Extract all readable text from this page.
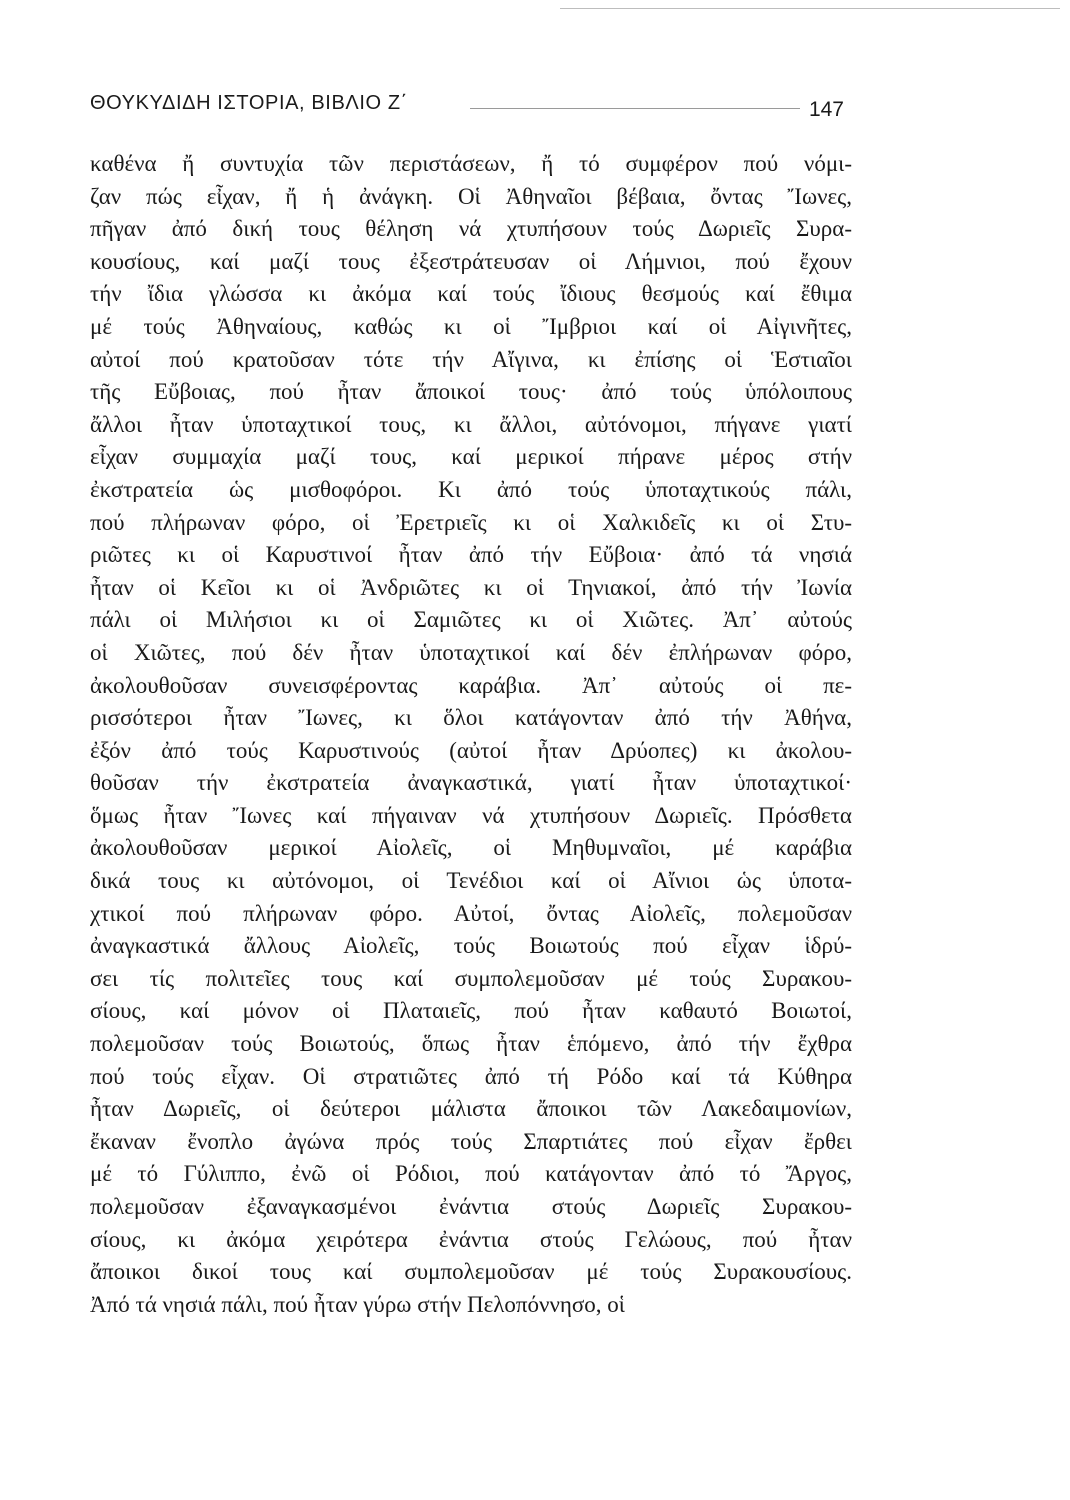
ΘΟΥΚΥΔΙΔΗ ΙΣΤΟΡΙΑ, ΒΙΒΛΙΟ Ζ΄	147
καθένα ἤ συντυχία τῶν περιστάσεων, ἤ τό συμφέρον πού νόμι-
ζαν πώς εἶχαν, ἤ ἡ ἀνάγκη. Οἱ Ἀθηναῖοι βέβαια, ὄντας Ἴωνες,
πῆγαν ἀπό δική τους θέληση νά χτυπήσουν τούς Δωριεῖς Συρα-
κουσίους, καί μαζί τους ἐξεστράτευσαν οἱ Λήμνιοι, πού ἔχουν
τήν ἴδια γλώσσα κι ἀκόμα καί τούς ἴδιους θεσμούς καί ἔθιμα
μέ τούς Ἀθηναίους, καθώς κι οἱ Ἴμβριοι καί οἱ Αἰγινῆτες,
αὐτοί πού κρατοῦσαν τότε τήν Αἴγινα, κι ἐπίσης οἱ Ἑστιαῖοι
τῆς Εὔβοιας, πού ἦταν ἄποικοί τους· ἀπό τούς ὑπόλοιπους
ἄλλοι ἦταν ὑποταχτικοί τους, κι ἄλλοι, αὐτόνομοι, πήγανε γιατί
εἶχαν συμμαχία μαζί τους, καί μερικοί πήρανε μέρος στήν
ἐκστρατεία ὡς μισθοφόροι. Κι ἀπό τούς ὑποταχτικούς πάλι,
πού πλήρωναν φόρο, οἱ Ἐρετριεῖς κι οἱ Χαλκιδεῖς κι οἱ Στυ-
ριῶτες κι οἱ Καρυστινοί ἦταν ἀπό τήν Εὔβοια· ἀπό τά νησιά
ἦταν οἱ Κεῖοι κι οἱ Ἀνδριῶτες κι οἱ Τηνιακοί, ἀπό τήν Ἰωνία
πάλι οἱ Μιλήσιοι κι οἱ Σαμιῶτες κι οἱ Χιῶτες. Ἀπ᾿ αὐτούς
οἱ Χιῶτες, πού δέν ἦταν ὑποταχτικοί καί δέν ἐπλήρωναν φόρο,
ἀκολουθοῦσαν συνεισφέροντας καράβια. Ἀπ᾿ αὐτούς οἱ πε-
ρισσότεροι ἦταν Ἴωνες, κι ὅλοι κατάγονταν ἀπό τήν Ἀθήνα,
ἐξόν ἀπό τούς Καρυστινούς (αὐτοί ἦταν Δρύοπες) κι ἀκολου-
θοῦσαν τήν ἐκστρατεία ἀναγκαστικά, γιατί ἦταν ὑποταχτικοί·
ὅμως ἦταν Ἴωνες καί πήγαιναν νά χτυπήσουν Δωριεῖς. Πρόσθετα
ἀκολουθοῦσαν μερικοί Αἰολεῖς, οἱ Μηθυμναῖοι, μέ καράβια
δικά τους κι αὐτόνομοι, οἱ Τενέδιοι καί οἱ Αἴνιοι ὡς ὑποτα-
χτικοί πού πλήρωναν φόρο. Αὐτοί, ὄντας Αἰολεῖς, πολεμοῦσαν
ἀναγκαστικά ἄλλους Αἰολεῖς, τούς Βοιωτούς πού εἶχαν ἱδρύ-
σει τίς πολιτεῖες τους καί συμπολεμοῦσαν μέ τούς Συρακου-
σίους, καί μόνον οἱ Πλαταιεῖς, πού ἦταν καθαυτό Βοιωτοί,
πολεμοῦσαν τούς Βοιωτούς, ὅπως ἦταν ἑπόμενο, ἀπό τήν ἔχθρα
πού τούς εἶχαν. Οἱ στρατιῶτες ἀπό τή Ρόδο καί τά Κύθηρα
ἦταν Δωριεῖς, οἱ δεύτεροι μάλιστα ἄποικοι τῶν Λακεδαιμονίων,
ἔκαναν ἔνοπλο ἀγώνα πρός τούς Σπαρτιάτες πού εἶχαν ἔρθει
μέ τό Γύλιππο, ἐνῶ οἱ Ρόδιοι, πού κατάγονταν ἀπό τό Ἄργος,
πολεμοῦσαν ἐξαναγκασμένοι ἐνάντια στούς Δωριεῖς Συρακου-
σίους, κι ἀκόμα χειρότερα ἐνάντια στούς Γελώους, πού ἦταν
ἄποικοι δικοί τους καί συμπολεμοῦσαν μέ τούς Συρακουσίους.
Ἀπό τά νησιά πάλι, πού ἦταν γύρω στήν Πελοπόννησο, οἱ
